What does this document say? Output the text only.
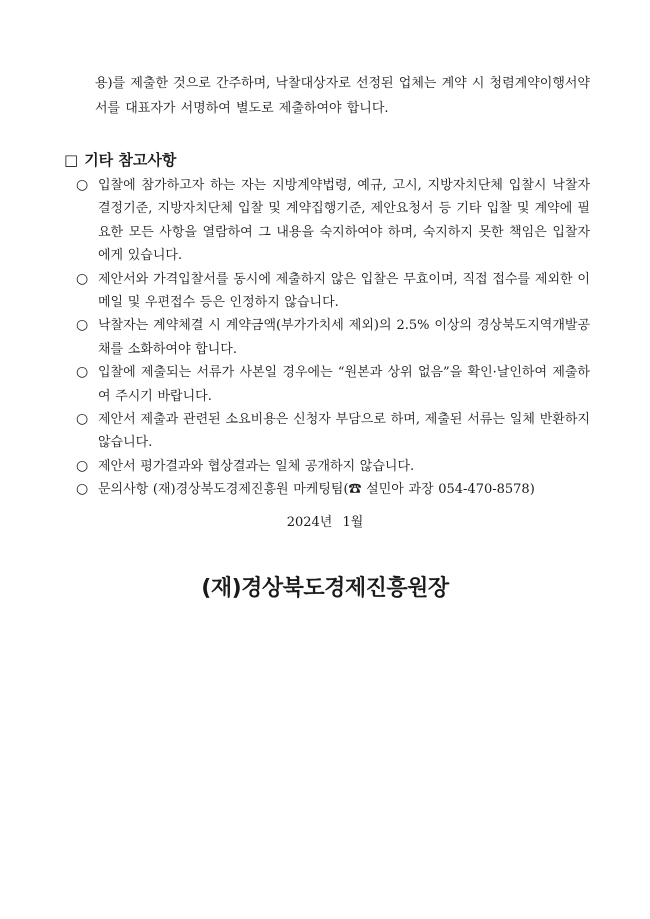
용)를 제출한 것으로 간주하며, 낙찰대상자로 선정된 업체는 계약 시 청렴계약이행서약서를 대표자가 서명하여 별도로 제출하여야 합니다.

□ 기타 참고사항
○ 입찰에 참가하고자 하는 자는 지방계약법령, 예규, 고시, 지방자치단체 입찰시 낙찰자 결정기준, 지방자치단체 입찰 및 계약집행기준, 제안요청서 등 기타 입찰 및 계약에 필요한 모든 사항을 열람하여 그 내용을 숙지하여야 하며, 숙지하지 못한 책임은 입찰자에게 있습니다.
○ 제안서와 가격입찰서를 동시에 제출하지 않은 입찰은 무효이며, 직접 접수를 제외한 이메일 및 우편접수 등은 인정하지 않습니다.
○ 낙찰자는 계약체결 시 계약금액(부가가치세 제외)의 2.5% 이상의 경상북도지역개발공채를 소화하여야 합니다.
○ 입찰에 제출되는 서류가 사본일 경우에는 “원본과 상위 없음”을 확인·날인하여 제출하여 주시기 바랍니다.
○ 제안서 제출과 관련된 소요비용은 신청자 부담으로 하며, 제출된 서류는 일체 반환하지 않습니다.
○ 제안서 평가결과와 협상결과는 일체 공개하지 않습니다.
○ 문의사항 (재)경상북도경제진흥원 마케팅팀(☎ 설민아 과장 054-470-8578)
2024년 1월
(재)경상북도경제진흥원장
